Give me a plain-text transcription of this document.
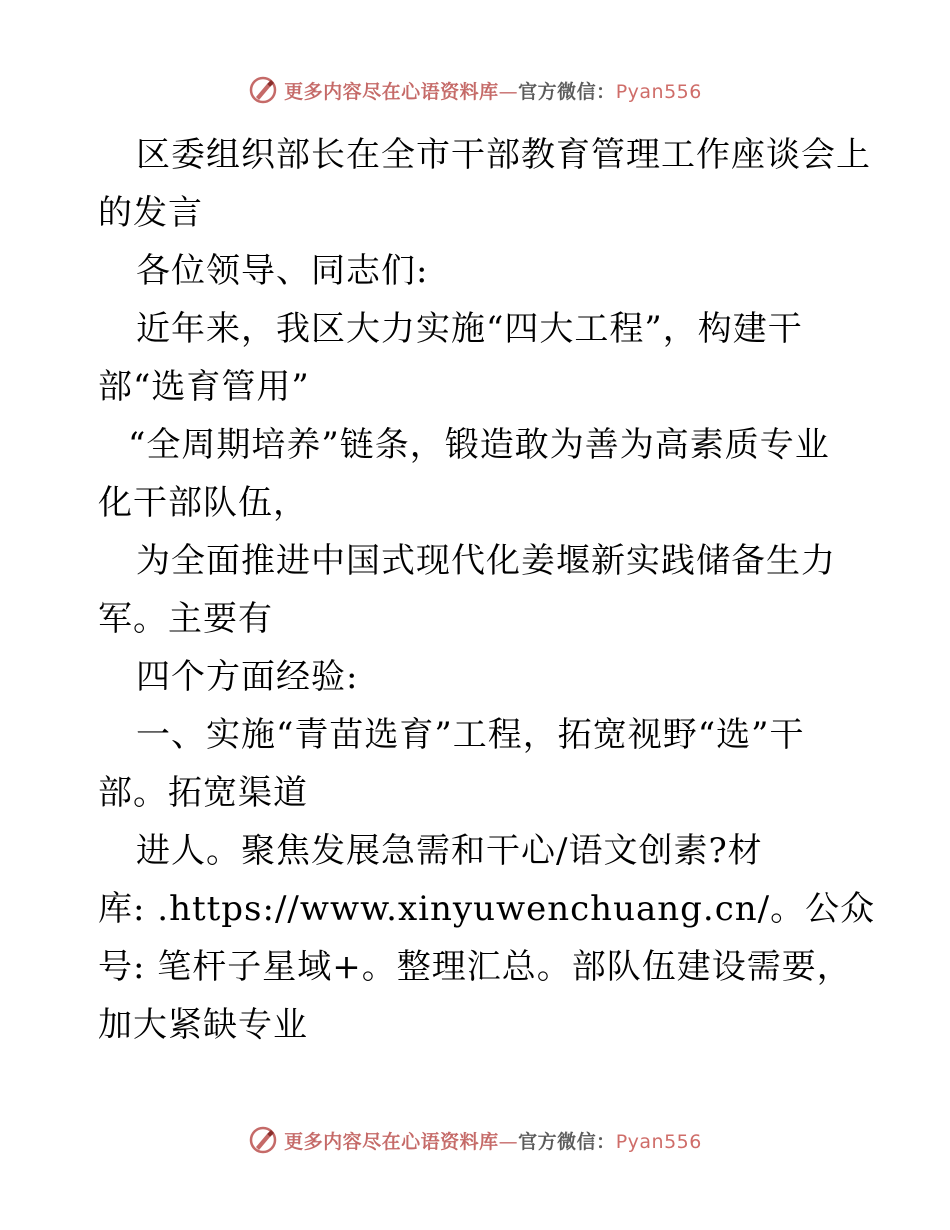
更多内容尽在心语资料库—官方微信：Pyan556
区委组织部长在全市干部教育管理工作座谈会上
的发言
各位领导、同志们:
近年来，我区大力实施“四大工程”，构建干
部“选育管用”
“全周期培养”链条，锻造敢为善为高素质专业
化干部队伍，
为全面推进中国式现代化姜堰新实践储备生力
军。主要有
四个方面经验:
一、实施“青苗选育”工程，拓宽视野“选”干
部。拓宽渠道
进人。聚焦发展急需和干心/语文创素?材
库: .https://www.xinyuwenchuang.cn/。公众
号: 笔杆子星域+。整理汇总。部队伍建设需要，
加大紧缺专业
更多内容尽在心语资料库—官方微信：Pyan556
